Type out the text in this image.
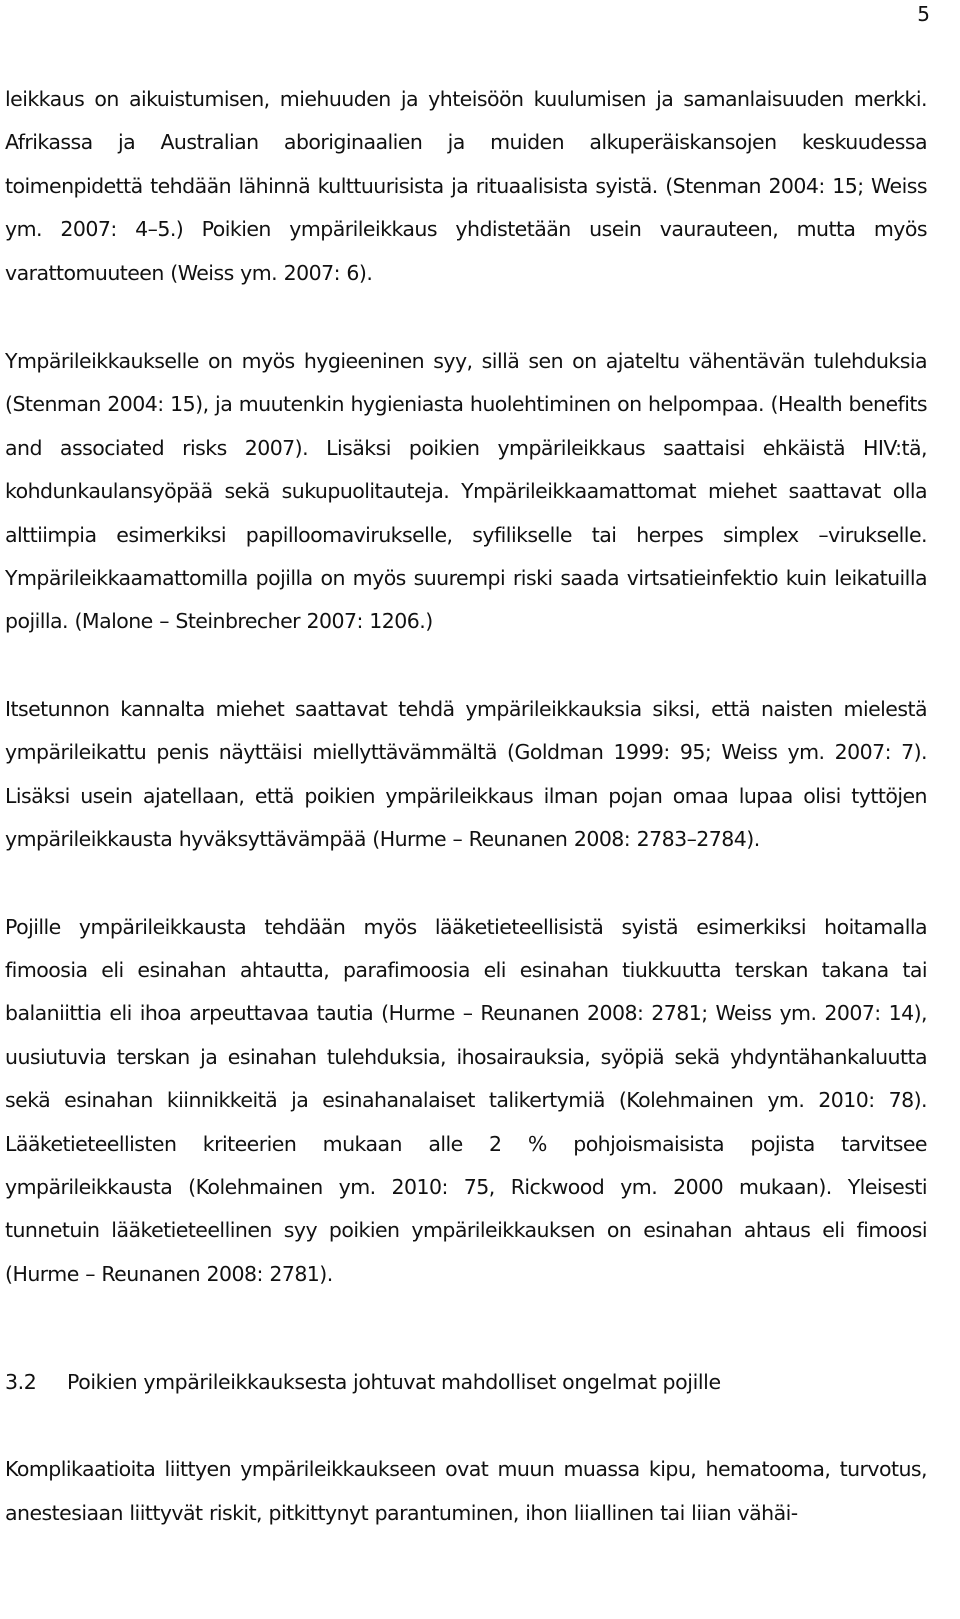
5

leikkaus on aikuistumisen, miehuuden ja yhteisöön kuulumisen ja samanlaisuuden merkki. Afrikassa ja Australian aboriginaalien ja muiden alkuperäiskansojen keskuudessa toimenpidettä tehdään lähinnä kulttuurisista ja rituaalisista syistä. (Stenman 2004: 15; Weiss ym. 2007: 4–5.) Poikien ympärileikkaus yhdistetään usein vaurauteen, mutta myös varattomuuteen (Weiss ym. 2007: 6).

Ympärileikkaukselle on myös hygieeninen syy, sillä sen on ajateltu vähentävän tulehduksia (Stenman 2004: 15), ja muutenkin hygieniasta huolehtiminen on helpompaa. (Health benefits and associated risks 2007). Lisäksi poikien ympärileikkaus saattaisi ehkäistä HIV:tä, kohdunkaulansyöpää sekä sukupuolitauteja. Ympärileikkaamattomat miehet saattavat olla alttiimpia esimerkiksi papilloomavirukselle, syfilikselle tai herpes simplex –virukselle. Ympärileikkaamattomilla pojilla on myös suurempi riski saada virtsatieinfektio kuin leikatuilla pojilla. (Malone – Steinbrecher 2007: 1206.)

Itsetunnon kannalta miehet saattavat tehdä ympärileikkauksia siksi, että naisten mielestä ympärileikattu penis näyttäisi miellyttävämmältä (Goldman 1999: 95; Weiss ym. 2007: 7). Lisäksi usein ajatellaan, että poikien ympärileikkaus ilman pojan omaa lupaa olisi tyttöjen ympärileikkausta hyväksyttävämpää (Hurme – Reunanen 2008: 2783–2784).

Pojille ympärileikkausta tehdään myös lääketieteellisistä syistä esimerkiksi hoitamalla fimoosia eli esinahan ahtautta, parafimoosia eli esinahan tiukkuutta terskan takana tai balaniittia eli ihoa arpeuttavaa tautia (Hurme – Reunanen 2008: 2781; Weiss ym. 2007: 14), uusiutuvia terskan ja esinahan tulehduksia, ihosairauksia, syöpiä sekä yhdyntähankaluutta sekä esinahan kiinnikkeitä ja esinahanalaiset talikertymiä (Kolehmainen ym. 2010: 78). Lääketieteellisten kriteerien mukaan alle 2 % pohjoismaisista pojista tarvitsee ympärileikkausta (Kolehmainen ym. 2010: 75, Rickwood ym. 2000 mukaan). Yleisesti tunnetuin lääketieteellinen syy poikien ympärileikkauksen on esinahan ahtaus eli fimoosi (Hurme – Reunanen 2008: 2781).

3.2	Poikien ympärileikkauksesta johtuvat mahdolliset ongelmat pojille

Komplikaatioita liittyen ympärileikkaukseen ovat muun muassa kipu, hematooma, turvotus, anestesiaan liittyvät riskit, pitkittynyt parantuminen, ihon liiallinen tai liian vähäi-
